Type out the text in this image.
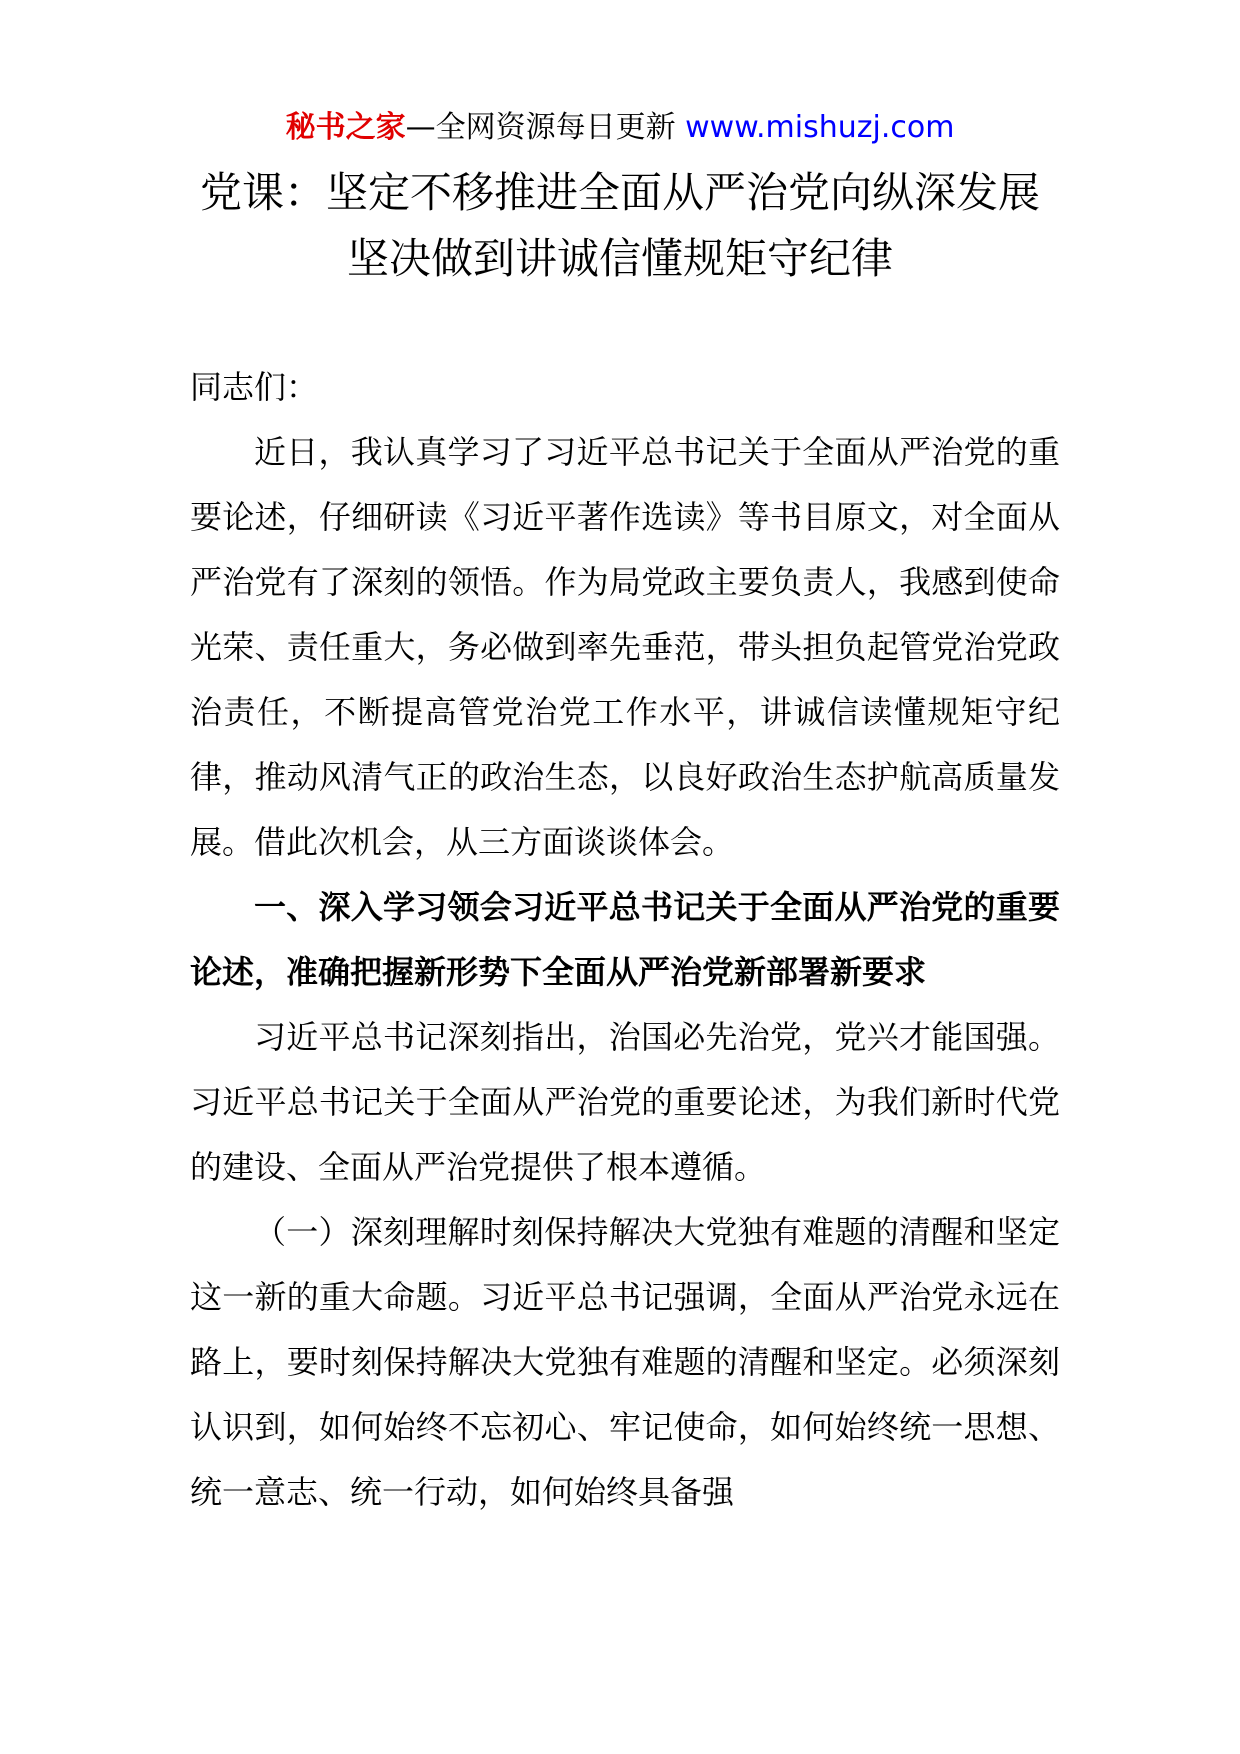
秘书之家—全网资源每日更新 www.mishuzj.com
党课：坚定不移推进全面从严治党向纵深发展
坚决做到讲诚信懂规矩守纪律

同志们：

近日，我认真学习了习近平总书记关于全面从严治党的重要论述，仔细研读《习近平著作选读》等书目原文，对全面从严治党有了深刻的领悟。作为局党政主要负责人，我感到使命光荣、责任重大，务必做到率先垂范，带头担负起管党治党政治责任，不断提高管党治党工作水平，讲诚信读懂规矩守纪律，推动风清气正的政治生态，以良好政治生态护航高质量发展。借此次机会，从三方面谈谈体会。

一、深入学习领会习近平总书记关于全面从严治党的重要论述，准确把握新形势下全面从严治党新部署新要求

习近平总书记深刻指出，治国必先治党，党兴才能国强。习近平总书记关于全面从严治党的重要论述，为我们新时代党的建设、全面从严治党提供了根本遵循。

（一）深刻理解时刻保持解决大党独有难题的清醒和坚定这一新的重大命题。习近平总书记强调，全面从严治党永远在路上，要时刻保持解决大党独有难题的清醒和坚定。必须深刻认识到，如何始终不忘初心、牢记使命，如何始终统一思想、统一意志、统一行动，如何始终具备强
